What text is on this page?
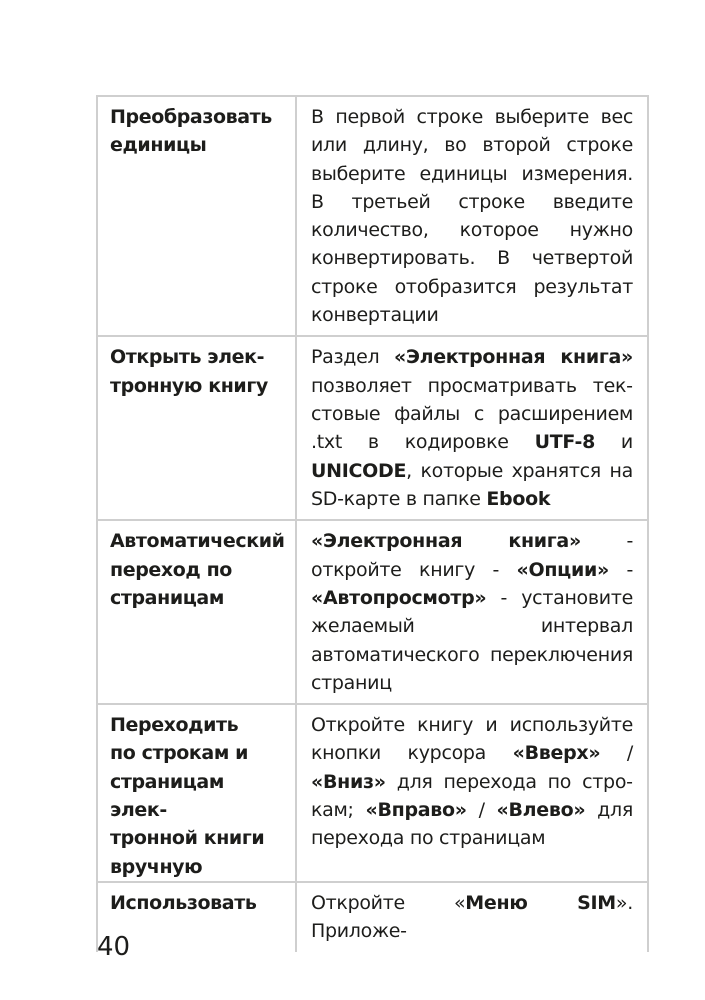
Преобразовать
единицы	В первой строке выберите вес или длину, во второй строке выберите единицы измерения. В третьей строке введите количество, которое нужно конвертировать. В четвертой строке отобразится результат конвертации

Открыть элек-
тронную книгу	Раздел «Электронная книга» позволяет просматривать текстовые файлы с расширением .txt в кодировке UTF-8 и UNICODE, которые хранятся на SD-карте в папке Ebook

Автоматический
переход по
страницам	«Электронная книга» - откройте книгу - «Опции» - «Автопросмотр» - установите желаемый интервал автоматического переключения страниц

Переходить
по строкам и
страницам элек-
тронной книги
вручную	Откройте книгу и используйте кнопки курсора «Вверх» / «Вниз» для перехода по строкам; «Вправо» / «Влево» для перехода по страницам

Использовать	Откройте «Меню SIM». Приложе-
40
